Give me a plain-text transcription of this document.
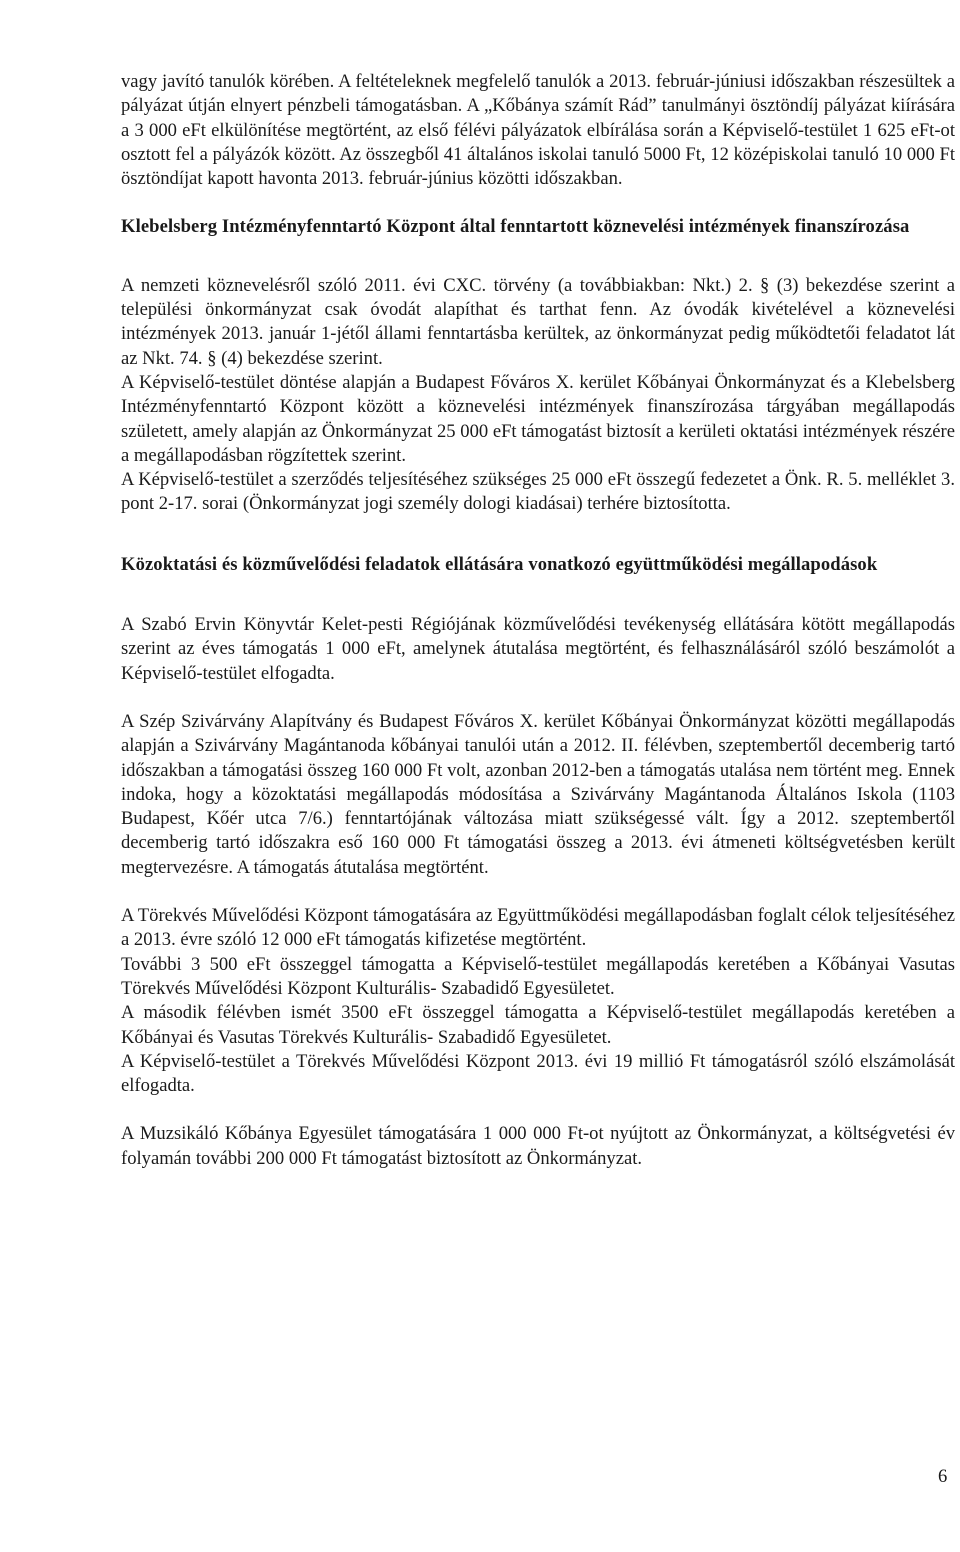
vagy javító tanulók körében. A feltételeknek megfelelő tanulók a 2013. február-júniusi időszakban részesültek a pályázat útján elnyert pénzbeli támogatásban. A „Kőbánya számít Rád” tanulmányi ösztöndíj pályázat kiírására a 3 000 eFt elkülönítése megtörtént, az első félévi pályázatok elbírálása során a Képviselő-testület 1 625 eFt-ot osztott fel a pályázók között. Az összegből 41 általános iskolai tanuló 5000 Ft, 12 középiskolai tanuló 10 000 Ft ösztöndíjat kapott havonta 2013. február-június közötti időszakban.

Klebelsberg Intézményfenntartó Központ által fenntartott köznevelési intézmények finanszírozása

A nemzeti köznevelésről szóló 2011. évi CXC. törvény (a továbbiakban: Nkt.) 2. § (3) bekezdése szerint a települési önkormányzat csak óvodát alapíthat és tarthat fenn. Az óvodák kivételével a köznevelési intézmények 2013. január 1-jétől állami fenntartásba kerültek, az önkormányzat pedig működtetői feladatot lát az Nkt. 74. § (4) bekezdése szerint.

A Képviselő-testület döntése alapján a Budapest Főváros X. kerület Kőbányai Önkormányzat és a Klebelsberg Intézményfenntartó Központ között a köznevelési intézmények finanszírozása tárgyában megállapodás született, amely alapján az Önkormányzat 25 000 eFt támogatást biztosít a kerületi oktatási intézmények részére a megállapodásban rögzítettek szerint.

A Képviselő-testület a szerződés teljesítéséhez szükséges 25 000 eFt összegű fedezetet a Önk. R. 5. melléklet 3. pont 2-17. sorai (Önkormányzat jogi személy dologi kiadásai) terhére biztosította.

Közoktatási és közművelődési feladatok ellátására vonatkozó együttműködési megállapodások

A Szabó Ervin Könyvtár Kelet-pesti Régiójának közművelődési tevékenység ellátására kötött megállapodás szerint az éves támogatás 1 000 eFt, amelynek átutalása megtörtént, és felhasználásáról szóló beszámolót a Képviselő-testület elfogadta.

A Szép Szivárvány Alapítvány és Budapest Főváros X. kerület Kőbányai Önkormányzat közötti megállapodás alapján a Szivárvány Magántanoda kőbányai tanulói után a 2012. II. félévben, szeptembertől decemberig tartó időszakban a támogatási összeg 160 000 Ft volt, azonban 2012-ben a támogatás utalása nem történt meg. Ennek indoka, hogy a közoktatási megállapodás módosítása a Szivárvány Magántanoda Általános Iskola (1103 Budapest, Kőér utca 7/6.) fenntartójának változása miatt szükségessé vált. Így a 2012. szeptembertől decemberig tartó időszakra eső 160 000 Ft támogatási összeg a 2013. évi átmeneti költségvetésben került megtervezésre. A támogatás átutalása megtörtént.

A Törekvés Művelődési Központ támogatására az Együttműködési megállapodásban foglalt célok teljesítéséhez a 2013. évre szóló 12 000 eFt támogatás kifizetése megtörtént.

További 3 500 eFt összeggel támogatta a Képviselő-testület megállapodás keretében a Kőbányai Vasutas Törekvés Művelődési Központ Kulturális- Szabadidő Egyesületet.

A második félévben ismét 3500 eFt összeggel támogatta a Képviselő-testület megállapodás keretében a Kőbányai és Vasutas Törekvés Kulturális- Szabadidő Egyesületet.

A Képviselő-testület a Törekvés Művelődési Központ 2013. évi 19 millió Ft támogatásról szóló elszámolását elfogadta.

A Muzsikáló Kőbánya Egyesület támogatására 1 000 000 Ft-ot nyújtott az Önkormányzat, a költségvetési év folyamán további 200 000 Ft támogatást biztosított az Önkormányzat.

6
